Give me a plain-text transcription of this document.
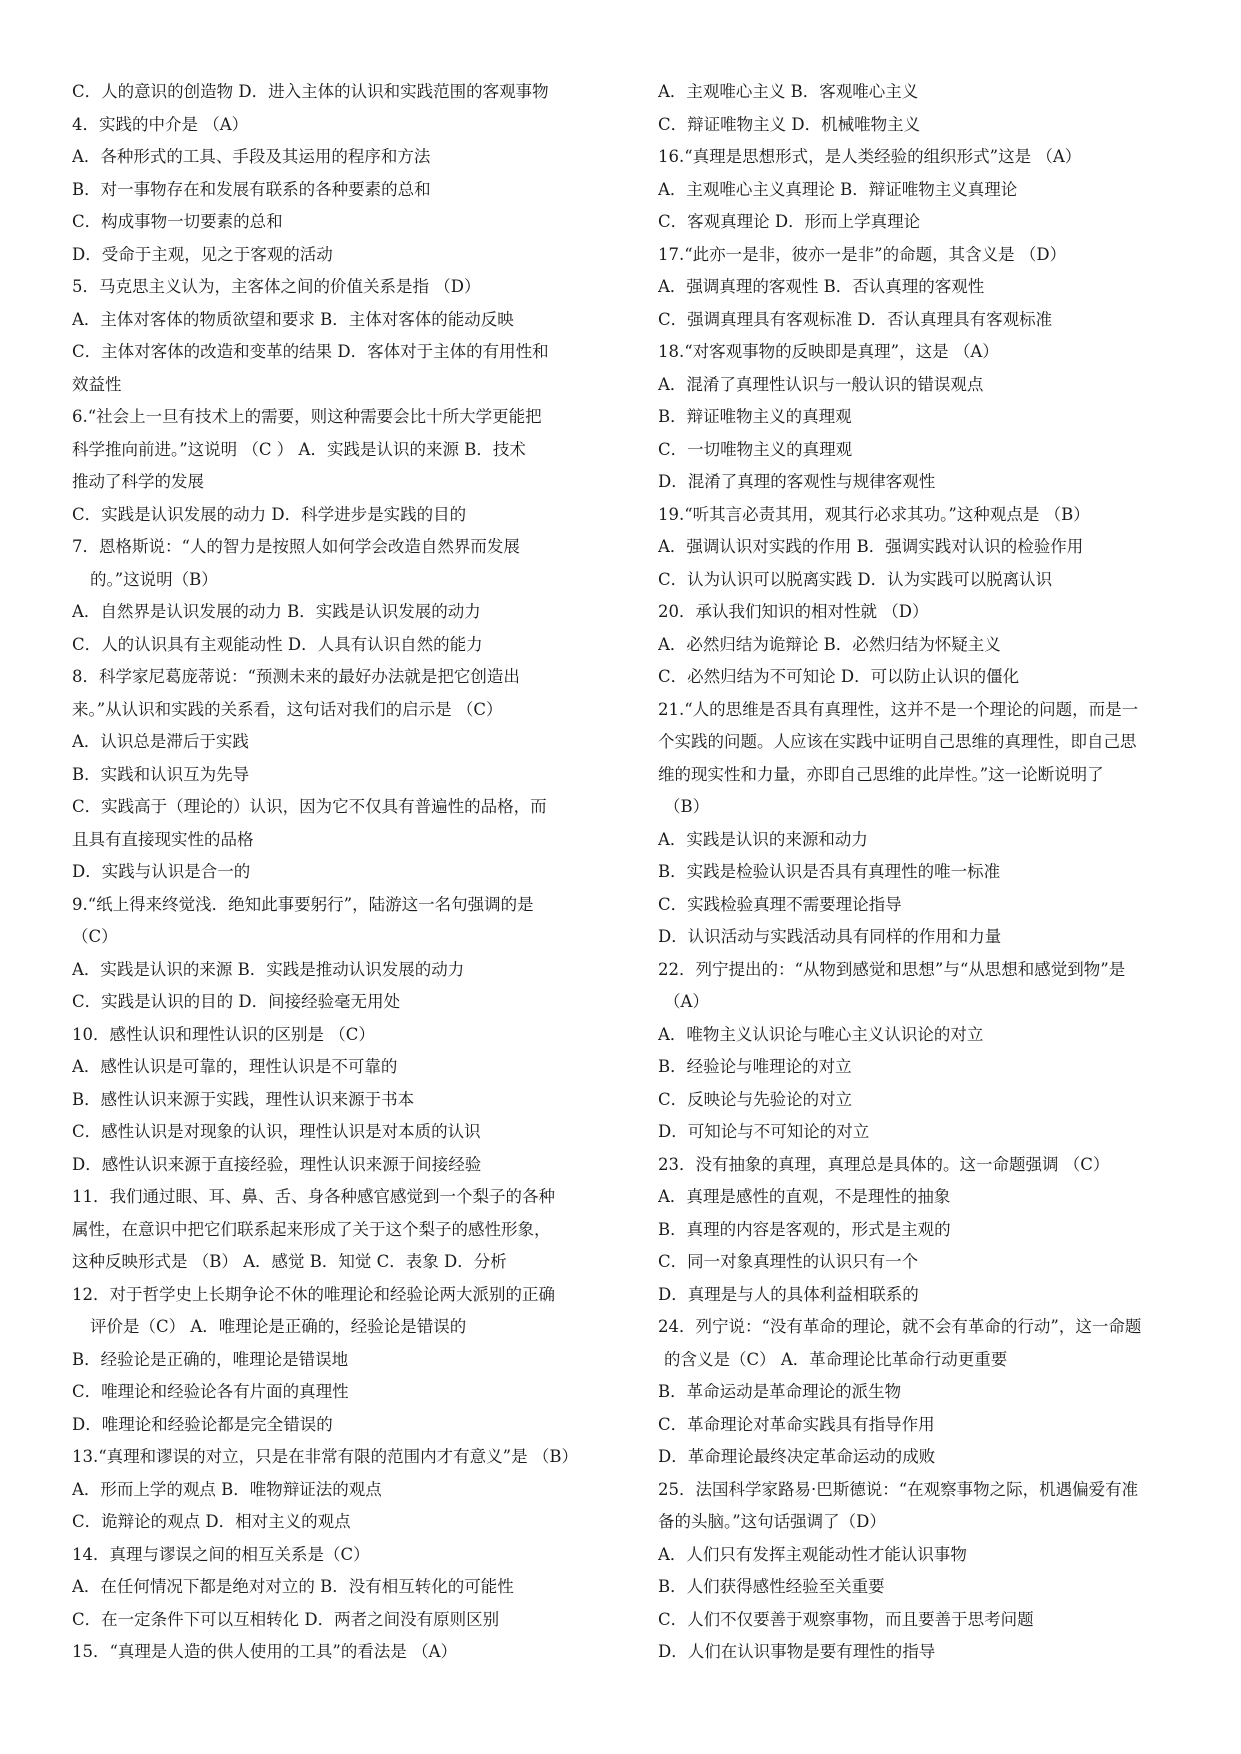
C．人的意识的创造物 D．进入主体的认识和实践范围的客观事物
4．实践的中介是 （A）
A．各种形式的工具、手段及其运用的程序和方法
B．对一事物存在和发展有联系的各种要素的总和
C．构成事物一切要素的总和
D．受命于主观，见之于客观的活动
5．马克思主义认为，主客体之间的价值关系是指 （D）
A．主体对客体的物质欲望和要求 B．主体对客体的能动反映
C．主体对客体的改造和变革的结果 D．客体对于主体的有用性和
效益性
6.“社会上一旦有技术上的需要，则这种需要会比十所大学更能把
科学推向前进。”这说明 （C ） A．实践是认识的来源 B．技术
推动了科学的发展
C．实践是认识发展的动力 D．科学进步是实践的目的
7．恩格斯说：“人的智力是按照人如何学会改造自然界而发展
的。”这说明（B）
A．自然界是认识发展的动力 B．实践是认识发展的动力
C．人的认识具有主观能动性 D．人具有认识自然的能力
8．科学家尼葛庞蒂说：“预测未来的最好办法就是把它创造出
来。”从认识和实践的关系看，这句话对我们的启示是 （C）
A．认识总是滞后于实践
B．实践和认识互为先导
C．实践高于（理论的）认识，因为它不仅具有普遍性的品格，而
且具有直接现实性的品格
D．实践与认识是合一的
9.“纸上得来终觉浅．绝知此事要躬行”，陆游这一名句强调的是
（C）
A．实践是认识的来源 B．实践是推动认识发展的动力
C．实践是认识的目的 D．间接经验毫无用处
10．感性认识和理性认识的区别是 （C）
A．感性认识是可靠的，理性认识是不可靠的
B．感性认识来源于实践，理性认识来源于书本
C．感性认识是对现象的认识，理性认识是对本质的认识
D．感性认识来源于直接经验，理性认识来源于间接经验
11．我们通过眼、耳、鼻、舌、身各种感官感觉到一个梨子的各种
属性，在意识中把它们联系起来形成了关于这个梨子的感性形象，
这种反映形式是 （B） A．感觉 B．知觉 C．表象 D．分析
12．对于哲学史上长期争论不休的唯理论和经验论两大派别的正确
评价是（C） A．唯理论是正确的，经验论是错误的
B．经验论是正确的，唯理论是错误地
C．唯理论和经验论各有片面的真理性
D．唯理论和经验论都是完全错误的
13.“真理和谬误的对立，只是在非常有限的范围内才有意义”是 （B）
A．形而上学的观点 B．唯物辩证法的观点
C．诡辩论的观点 D．相对主义的观点
14．真理与谬误之间的相互关系是（C）
A．在任何情况下都是绝对对立的 B．没有相互转化的可能性
C．在一定条件下可以互相转化 D．两者之间没有原则区别
15．“真理是人造的供人使用的工具”的看法是 （A）
A．主观唯心主义 B．客观唯心主义
C．辩证唯物主义 D．机械唯物主义
16.“真理是思想形式，是人类经验的组织形式”这是 （A）
A．主观唯心主义真理论 B．辩证唯物主义真理论
C．客观真理论 D．形而上学真理论
17.“此亦一是非，彼亦一是非”的命题，其含义是 （D）
A．强调真理的客观性 B．否认真理的客观性
C．强调真理具有客观标准 D．否认真理具有客观标准
18.“对客观事物的反映即是真理”，这是 （A）
A．混淆了真理性认识与一般认识的错误观点
B．辩证唯物主义的真理观
C．一切唯物主义的真理观
D．混淆了真理的客观性与规律客观性
19.“听其言必责其用，观其行必求其功。”这种观点是 （B）
A．强调认识对实践的作用 B．强调实践对认识的检验作用
C．认为认识可以脱离实践 D．认为实践可以脱离认识
20．承认我们知识的相对性就 （D）
A．必然归结为诡辩论 B．必然归结为怀疑主义
C．必然归结为不可知论 D．可以防止认识的僵化
21.“人的思维是否具有真理性，这并不是一个理论的问题，而是一
个实践的问题。人应该在实践中证明自己思维的真理性，即自己思
维的现实性和力量，亦即自己思维的此岸性。”这一论断说明了
（B）
A．实践是认识的来源和动力
B．实践是检验认识是否具有真理性的唯一标准
C．实践检验真理不需要理论指导
D．认识活动与实践活动具有同样的作用和力量
22．列宁提出的：“从物到感觉和思想”与“从思想和感觉到物”是
（A）
A．唯物主义认识论与唯心主义认识论的对立
B．经验论与唯理论的对立
C．反映论与先验论的对立
D．可知论与不可知论的对立
23．没有抽象的真理，真理总是具体的。这一命题强调 （C）
A．真理是感性的直观，不是理性的抽象
B．真理的内容是客观的，形式是主观的
C．同一对象真理性的认识只有一个
D．真理是与人的具体利益相联系的
24．列宁说：“没有革命的理论，就不会有革命的行动”，这一命题
的含义是（C） A．革命理论比革命行动更重要
B．革命运动是革命理论的派生物
C．革命理论对革命实践具有指导作用
D．革命理论最终决定革命运动的成败
25．法国科学家路易·巴斯德说：“在观察事物之际，机遇偏爱有准
备的头脑。”这句话强调了（D）
A．人们只有发挥主观能动性才能认识事物
B．人们获得感性经验至关重要
C．人们不仅要善于观察事物，而且要善于思考问题
D．人们在认识事物是要有理性的指导
